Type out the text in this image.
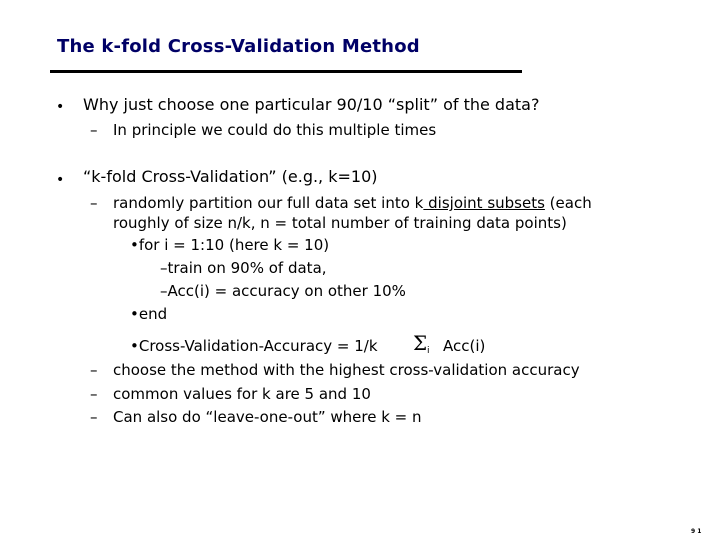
The k-fold Cross-Validation Method
• Why just choose one particular 90/10 “split” of the data?
– In principle we could do this multiple times
• “k-fold Cross-Validation” (e.g., k=10)
– randomly partition our full data set into k disjoint subsets (each
roughly of size n/k, n = total number of training data points)
•for i = 1:10 (here k = 10)
–train on 90% of data,
–Acc(i) = accuracy on other 10%
•end
•Cross-Validation-Accuracy = 1/k Σ i Acc(i)
– choose the method with the highest cross-validation accuracy
– common values for k are 5 and 10
– Can also do “leave-one-out” where k = n
9 1
